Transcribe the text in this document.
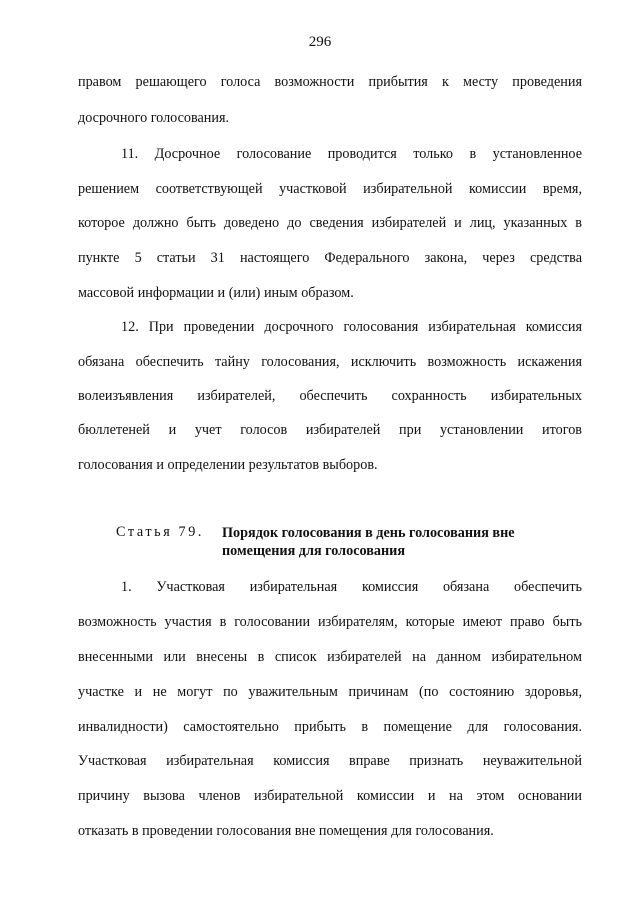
296
правом решающего голоса возможности прибытия к месту проведения
досрочного голосования.
11. Досрочное голосование проводится только в установленное
решением соответствующей участковой избирательной комиссии время,
которое должно быть доведено до сведения избирателей и лиц, указанных в
пункте 5 статьи 31 настоящего Федерального закона, через средства
массовой информации и (или) иным образом.
12. При проведении досрочного голосования избирательная комиссия
обязана обеспечить тайну голосования, исключить возможность искажения
волеизъявления избирателей, обеспечить сохранность избирательных
бюллетеней и учет голосов избирателей при установлении итогов
голосования и определении результатов выборов.
Статья 79. Порядок голосования в день голосования вне
помещения для голосования
1. Участковая избирательная комиссия обязана обеспечить
возможность участия в голосовании избирателям, которые имеют право быть
внесенными или внесены в список избирателей на данном избирательном
участке и не могут по уважительным причинам (по состоянию здоровья,
инвалидности) самостоятельно прибыть в помещение для голосования.
Участковая избирательная комиссия вправе признать неуважительной
причину вызова членов избирательной комиссии и на этом основании
отказать в проведении голосования вне помещения для голосования.
